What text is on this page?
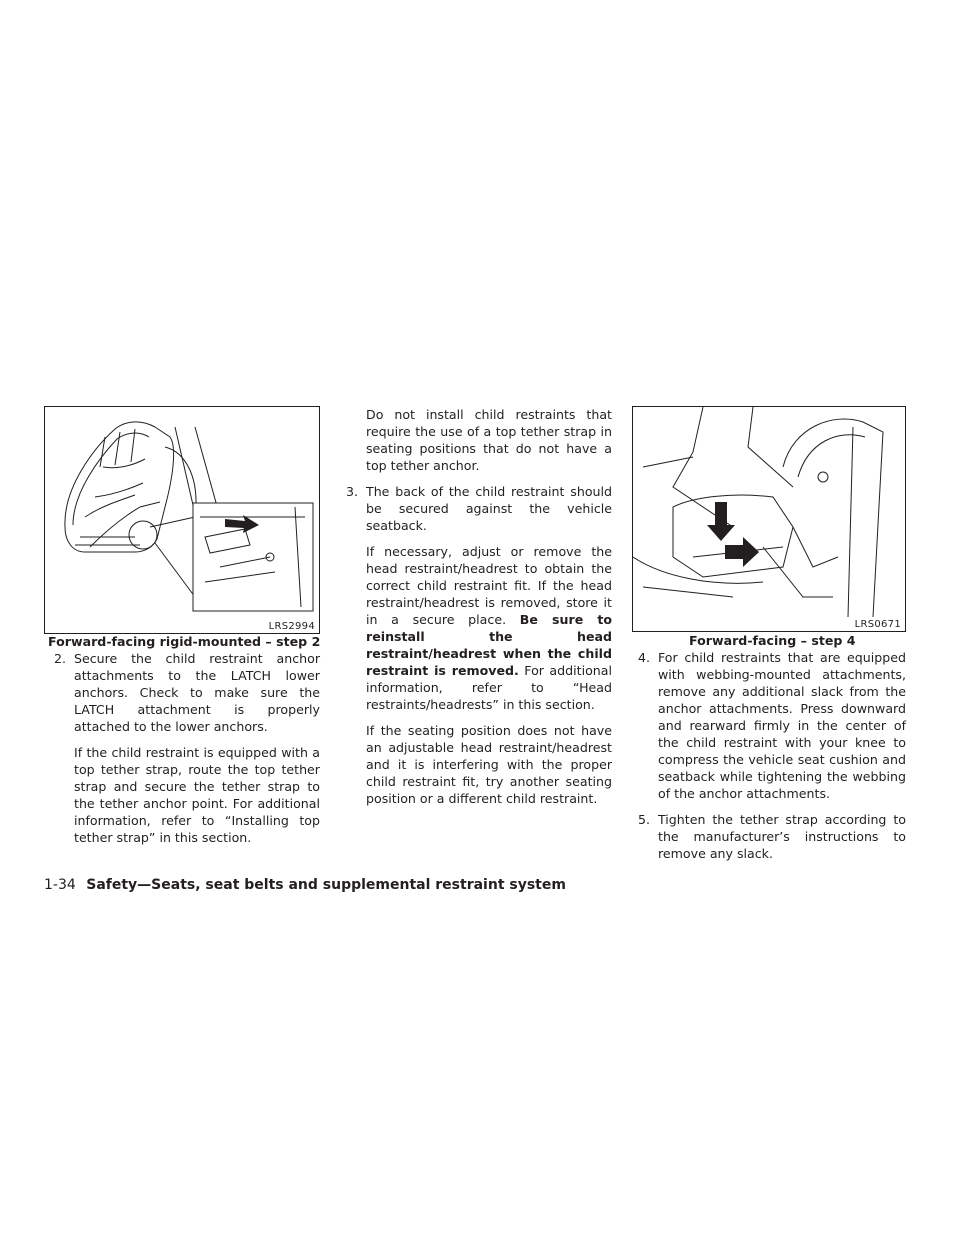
LRS2994
Forward-facing rigid-mounted – step 2
LRS0671
Forward-facing – step 4
2. Secure the child restraint anchor attachments to the LATCH lower anchors. Check to make sure the LATCH attachment is properly attached to the lower anchors.
If the child restraint is equipped with a top tether strap, route the top tether strap and secure the tether strap to the tether anchor point. For additional information, refer to “Installing top tether strap” in this section.
Do not install child restraints that require the use of a top tether strap in seating positions that do not have a top tether anchor.
3. The back of the child restraint should be secured against the vehicle seatback.
If necessary, adjust or remove the head restraint/headrest to obtain the correct child restraint fit. If the head restraint/headrest is removed, store it in a secure place. Be sure to reinstall the head restraint/headrest when the child restraint is removed. For additional information, refer to “Head restraints/headrests” in this section.
If the seating position does not have an adjustable head restraint/headrest and it is interfering with the proper child restraint fit, try another seating position or a different child restraint.
4. For child restraints that are equipped with webbing-mounted attachments, remove any additional slack from the anchor attachments. Press downward and rearward firmly in the center of the child restraint with your knee to compress the vehicle seat cushion and seatback while tightening the webbing of the anchor attachments.
5. Tighten the tether strap according to the manufacturer’s instructions to remove any slack.
1-34 Safety—Seats, seat belts and supplemental restraint system
